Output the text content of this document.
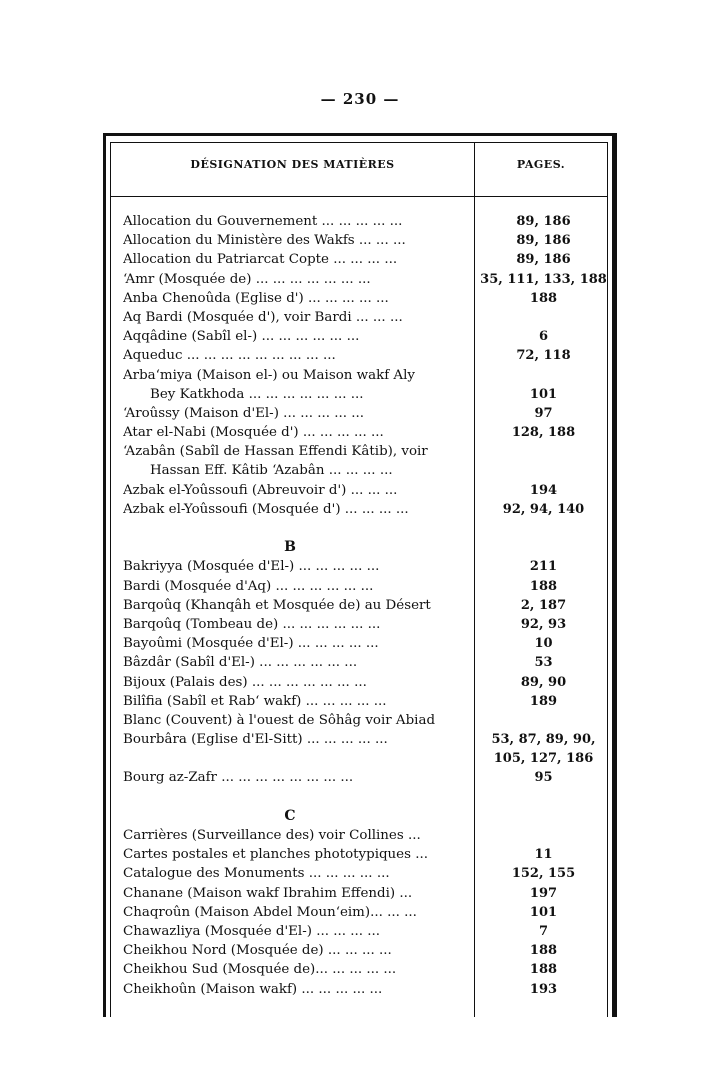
— 230 —
DÉSIGNATION DES MATIÈRES	PAGES.
Allocation du Gouvernement ... ... ... ... ...	89, 186
Allocation du Ministère des Wakfs ... ... ...	89, 186
Allocation du Patriarcat Copte ... ... ... ...	89, 186
ʻAmr (Mosquée de) ... ... ... ... ... ... ...	35, 111, 133, 188
Anba Chenoûda (Eglise d') ... ... ... ... ...	188
Aq Bardi (Mosquée d'), voir Bardi ... ... ...
Aqqâdine (Sabîl el-) ... ... ... ... ... ...	6
Aqueduc ... ... ... ... ... ... ... ... ...	72, 118
Arbaʻmiya (Maison el-) ou Maison wakf Aly
Bey Katkhoda ... ... ... ... ... ... ...	101
ʻAroûssy (Maison d'El-) ... ... ... ... ...	97
Atar el-Nabi (Mosquée d') ... ... ... ... ...	128, 188
ʻAzabân (Sabîl de Hassan Effendi Kâtib), voir
Hassan Eff. Kâtib ʻAzabân ... ... ... ...
Azbak el-Yoûssoufi (Abreuvoir d') ... ... ...	194
Azbak el-Yoûssoufi (Mosquée d') ... ... ... ...	92, 94, 140
B
Bakriyya (Mosquée d'El-) ... ... ... ... ...	211
Bardi (Mosquée d'Aq) ... ... ... ... ... ...	188
Barqoûq (Khanqâh et Mosquée de) au Désert	2, 187
Barqoûq (Tombeau de) ... ... ... ... ... ...	92, 93
Bayoûmi (Mosquée d'El-) ... ... ... ... ...	10
Bâzdâr (Sabîl d'El-) ... ... ... ... ... ...	53
Bijoux (Palais des) ... ... ... ... ... ... ...	89, 90
Bilîfia (Sabîl et Rabʻ wakf) ... ... ... ... ...	189
Blanc (Couvent) à l'ouest de Sôhâg voir Abiad
Bourbâra (Eglise d'El-Sitt) ... ... ... ... ...	53, 87, 89, 90,
105, 127, 186
Bourg az-Zafr ... ... ... ... ... ... ... ...	95
C
Carrières (Surveillance des) voir Collines ...
Cartes postales et planches phototypiques ...	11
Catalogue des Monuments ... ... ... ... ...	152, 155
Chanane (Maison wakf Ibrahim Effendi) ...	197
Chaqroûn (Maison Abdel Mounʻeim)... ... ...	101
Chawazliya (Mosquée d'El-) ... ... ... ...	7
Cheikhou Nord (Mosquée de) ... ... ... ...	188
Cheikhou Sud (Mosquée de)... ... ... ... ...	188
Cheikhoûn (Maison wakf) ... ... ... ... ...	193
